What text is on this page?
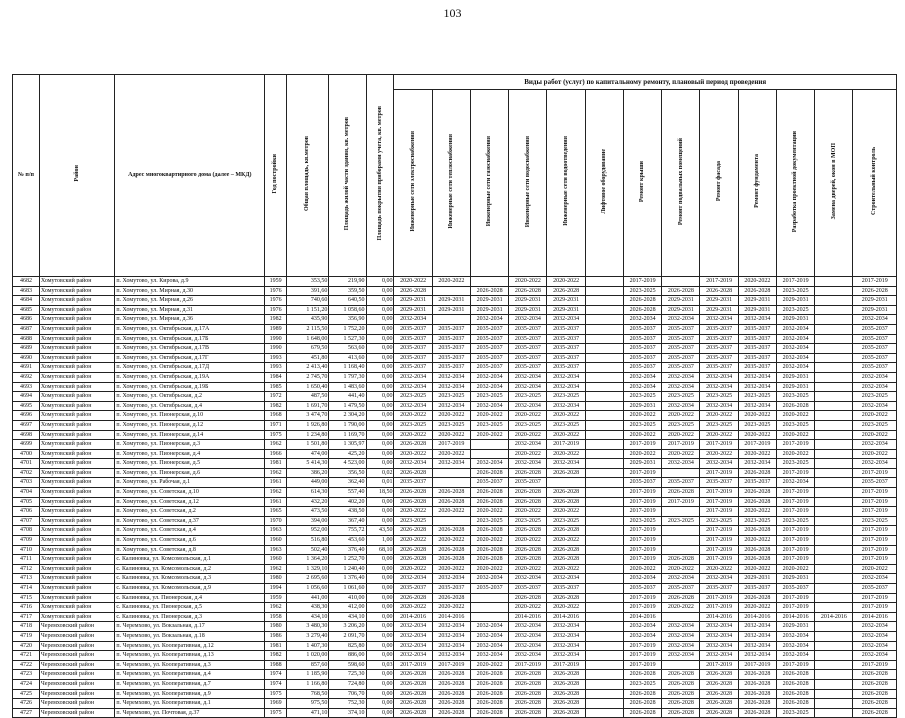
103
№ п/п	Район	Адрес многоквартирного дома (далее – МКД)	Год постройки	Общая площадь, кв.метров	Площадь жилой части здания, кв. метров	Площадь покрытия приборами учета, кв. метров	Виды работ (услуг) по капитальному ремонту, плановый период проведения												
							Инженерные сети электроснабжения	Инженерные сети теплоснабжения	Инженерные сети газоснабжения	Инженерные сети водоснабжения	Инженерные сети водоотведения	Лифтовое оборудование	Ремонт крыши	Ремонт подвальных помещений	Ремонт фасада	Ремонт фундамента	Разработка проектной документации	Замена дверей, окон в МОП	Строительный контроль
4682	Хомутовский район	п. Хомутово, ул. Кирова, д.9	1959	353,50	219,90	0,00	2020-2022	2020-2022		2020-2022	2020-2022		2017-2019		2017-2019	2020-2022	2017-2019		2017-2019
4683	Хомутовский район	п. Хомутово, ул. Мирная, д.30	1976	391,60	359,50	0,00	2026-2028		2026-2028	2026-2028	2026-2028		2023-2025	2026-2028	2026-2028	2026-2028	2023-2025		2026-2028
4684	Хомутовский район	п. Хомутово, ул. Мирная, д.26	1976	740,60	640,50	0,00	2029-2031	2029-2031	2029-2031	2029-2031	2029-2031		2026-2028	2029-2031	2029-2031	2029-2031	2029-2031		2029-2031
4685	Хомутовский район	п. Хомутово, ул. Мирная, д.31	1976	1 151,20	1 058,60	0,00	2029-2031	2029-2031	2029-2031	2029-2031	2029-2031		2026-2028	2029-2031	2029-2031	2029-2031	2023-2025		2029-2031
4686	Хомутовский район	п. Хомутово, ул. Мирная, д.36	1982	435,90	356,90	0,00	2032-2034		2032-2034	2032-2034	2032-2034		2032-2034	2032-2034	2032-2034	2032-2034	2029-2031		2032-2034
4687	Хомутовский район	п. Хомутово, ул. Октябрьская, д.17А	1989	2 115,50	1 752,20	0,00	2035-2037	2035-2037	2035-2037	2035-2037	2035-2037		2035-2037	2035-2037	2035-2037	2035-2037	2032-2034		2035-2037
4688	Хомутовский район	п. Хомутово, ул. Октябрьская, д.17Б	1990	1 648,00	1 527,30	0,00	2035-2037	2035-2037	2035-2037	2035-2037	2035-2037		2035-2037	2035-2037	2035-2037	2035-2037	2032-2034		2035-2037
4689	Хомутовский район	п. Хомутово, ул. Октябрьская, д.17В	1990	679,50	563,60	0,00	2035-2037	2035-2037	2035-2037	2035-2037	2035-2037		2035-2037	2035-2037	2035-2037	2035-2037	2032-2034		2035-2037
4690	Хомутовский район	п. Хомутово, ул. Октябрьская, д.17Г	1993	451,80	413,60	0,00	2035-2037	2035-2037	2035-2037	2035-2037	2035-2037		2035-2037	2035-2037	2035-2037	2035-2037	2032-2034		2035-2037
4691	Хомутовский район	п. Хомутово, ул. Октябрьская, д.17Д	1993	2 413,40	1 168,40	0,00	2035-2037	2035-2037	2035-2037	2035-2037	2035-2037		2035-2037	2035-2037	2035-2037	2035-2037	2032-2034		2035-2037
4692	Хомутовский район	п. Хомутово, ул. Октябрьская, д.19А	1984	2 745,70	1 797,30	0,00	2032-2034	2032-2034	2032-2034	2032-2034	2032-2034		2032-2034	2032-2034	2032-2034	2032-2034	2029-2031		2032-2034
4693	Хомутовский район	п. Хомутово, ул. Октябрьская, д.19Б	1985	1 650,40	1 483,60	0,00	2032-2034	2032-2034	2032-2034	2032-2034	2032-2034		2032-2034	2032-2034	2032-2034	2032-2034	2029-2031		2032-2034
4694	Хомутовский район	п. Хомутово, ул. Октябрьская, д.2	1972	487,50	441,40	0,00	2023-2025	2023-2025	2023-2025	2023-2025	2023-2025		2023-2025	2023-2025	2023-2025	2023-2025	2023-2025		2023-2025
4695	Хомутовский район	п. Хомутово, ул. Октябрьская, д.4	1982	1 691,70	1 479,50	0,00	2032-2034	2032-2034	2032-2034	2032-2034	2032-2034		2029-2031	2032-2034	2032-2034	2032-2034	2026-2028		2032-2034
4696	Хомутовский район	п. Хомутово, ул. Пионерская, д.10	1968	3 474,70	2 304,20	0,00	2020-2022	2020-2022	2020-2022	2020-2022	2020-2022		2020-2022	2020-2022	2020-2022	2020-2022	2020-2022		2020-2022
4697	Хомутовский район	п. Хомутово, ул. Пионерская, д.12	1971	1 926,80	1 790,00	0,00	2023-2025	2023-2025	2023-2025	2023-2025	2023-2025		2023-2025	2023-2025	2023-2025	2023-2025	2023-2025		2023-2025
4698	Хомутовский район	п. Хомутово, ул. Пионерская, д.14	1975	1 234,80	1 169,70	0,00	2020-2022	2020-2022	2020-2022	2020-2022	2020-2022		2020-2022	2020-2022	2020-2022	2020-2022	2020-2022		2020-2022
4699	Хомутовский район	п. Хомутово, ул. Пионерская, д.3	1962	1 501,80	1 305,97	0,00	2026-2028	2017-2019		2032-2034	2017-2019		2017-2019	2017-2019	2017-2019	2017-2019	2017-2019		2032-2034
4700	Хомутовский район	п. Хомутово, ул. Пионерская, д.4	1966	474,00	425,20	0,00	2020-2022	2020-2022		2020-2022	2020-2022		2020-2022	2020-2022	2020-2022	2020-2022	2020-2022		2020-2022
4701	Хомутовский район	п. Хомутово, ул. Пионерская, д.5	1981	5 414,30	4 523,00	0,00	2032-2034	2032-2034	2032-2034	2032-2034	2032-2034		2029-2031	2032-2034	2032-2034	2032-2034	2023-2025		2032-2034
4702	Хомутовский район	п. Хомутово, ул. Пионерская, д.6	1962	386,20	356,50	0,02	2026-2028		2026-2028	2026-2028	2026-2028		2017-2019		2017-2019	2026-2028	2017-2019		2017-2019
4703	Хомутовский район	п. Хомутово, ул. Рабочая, д.1	1961	449,00	362,40	0,01	2035-2037		2035-2037	2035-2037			2035-2037	2035-2037	2035-2037	2035-2037	2032-2034		2035-2037
4704	Хомутовский район	п. Хомутово, ул. Советская, д.10	1962	614,30	557,40	18,50	2026-2028	2026-2028	2026-2028	2026-2028	2026-2028		2017-2019	2026-2028	2017-2019	2026-2028	2017-2019		2017-2019
4705	Хомутовский район	п. Хомутово, ул. Советская, д.12	1961	432,20	402,20	0,00	2026-2028	2026-2028	2026-2028	2026-2028	2026-2028		2017-2019	2017-2019	2017-2019	2026-2028	2017-2019		2017-2019
4706	Хомутовский район	п. Хомутово, ул. Советская, д.2	1965	473,50	438,50	0,00	2020-2022	2020-2022	2020-2022	2020-2022	2020-2022		2017-2019		2017-2019	2020-2022	2017-2019		2017-2019
4707	Хомутовский район	п. Хомутово, ул. Советская, д.37	1970	394,00	367,40	0,00	2023-2025		2023-2025	2023-2025	2023-2025		2023-2025	2023-2025	2023-2025	2023-2025	2023-2025		2023-2025
4708	Хомутовский район	п. Хомутово, ул. Советская, д.4	1963	952,00	755,72	43,50	2026-2028	2026-2028	2026-2028	2026-2028	2026-2028		2017-2019		2017-2019	2026-2028	2017-2019		2017-2019
4709	Хомутовский район	п. Хомутово, ул. Советская, д.6	1960	516,80	453,60	1,00	2020-2022	2020-2022	2020-2022	2020-2022	2020-2022		2017-2019		2017-2019	2020-2022	2017-2019		2017-2019
4710	Хомутовский район	п. Хомутово, ул. Советская, д.8	1963	502,40	376,40	68,10	2026-2028	2026-2028	2026-2028	2026-2028	2026-2028		2017-2019		2017-2019	2026-2028	2017-2019		2017-2019
4711	Хомутовский район	с. Калиновка, ул. Комсомольская, д.1	1960	1 364,20	1 252,70	0,00	2026-2028	2026-2028	2026-2028	2026-2028	2026-2028		2017-2019	2026-2028	2017-2019	2026-2028	2017-2019		2017-2019
4712	Хомутовский район	с. Калиновка, ул. Комсомольская, д.2	1962	1 329,10	1 240,40	0,00	2020-2022	2020-2022	2020-2022	2020-2022	2020-2022		2020-2022	2020-2022	2020-2022	2020-2022	2020-2022		2020-2022
4713	Хомутовский район	с. Калиновка, ул. Комсомольская, д.3	1980	2 695,60	1 376,40	0,00	2032-2034	2032-2034	2032-2034	2032-2034	2032-2034		2032-2034	2032-2034	2032-2034	2029-2031	2029-2031		2032-2034
4714	Хомутовский район	с. Калиновка, ул. Комсомольская, д.9	1994	1 056,60	1 061,60	0,00	2035-2037	2035-2037	2035-2037	2035-2037	2035-2037		2035-2037	2035-2037	2035-2037	2035-2037	2035-2037		2035-2037
4715	Хомутовский район	с. Калиновка, ул. Пионерская, д.4	1959	441,00	410,00	0,00	2026-2028	2026-2028		2026-2028	2026-2028		2017-2019	2026-2028	2017-2019	2026-2028	2017-2019		2017-2019
4716	Хомутовский район	с. Калиновка, ул. Пионерская, д.5	1962	438,30	412,00	0,00	2020-2022	2020-2022		2020-2022	2020-2022		2017-2019	2020-2022	2017-2019	2020-2022	2017-2019		2017-2019
4717	Хомутовский район	с. Калиновка, ул. Пионерская, д.3	1958	434,10	434,10	0,00	2014-2016	2014-2016		2014-2016	2014-2016		2014-2016		2014-2016	2014-2016	2014-2016	2014-2016	2014-2016
4718	Черемховский район	п. Черемхово, ул. Вокзальная, д.17	1980	3 480,30	3 206,20	0,00	2032-2034	2032-2034	2032-2034	2032-2034	2032-2034		2032-2034	2032-2034	2032-2034	2032-2034	2029-2031		2032-2034
4719	Черемховский район	п. Черемхово, ул. Вокзальная, д.18	1986	3 279,40	2 091,70	0,00	2032-2034	2032-2034	2032-2034	2032-2034	2032-2034		2032-2034	2032-2034	2032-2034	2032-2034	2032-2034		2032-2034
4720	Черемховский район	п. Черемхово, ул. Кооперативная, д.12	1981	1 407,30	825,80	0,00	2032-2034	2032-2034	2032-2034	2032-2034	2032-2034		2017-2019	2032-2034	2032-2034	2032-2034	2032-2034		2032-2034
4721	Черемховский район	п. Черемхово, ул. Кооперативная, д.13	1982	1 020,00	886,00	0,00	2032-2034	2032-2034	2032-2034	2032-2034	2032-2034		2017-2019	2032-2034	2032-2034	2032-2034	2032-2034		2032-2034
4722	Черемховский район	п. Черемхово, ул. Кооперативная, д.3	1988	857,60	598,60	0,03	2017-2019	2017-2019	2020-2022	2017-2019	2017-2019		2017-2019		2017-2019	2017-2019	2017-2019		2017-2019
4723	Черемховский район	п. Черемхово, ул. Кооперативная, д.4	1974	1 185,90	725,30	0,00	2026-2028	2026-2028	2026-2028	2026-2028	2026-2028		2026-2028	2026-2028	2026-2028	2026-2028	2026-2028		2026-2028
4724	Черемховский район	п. Черемхово, ул. Кооперативная, д.7	1974	1 166,80	724,80	0,00	2026-2028	2026-2028	2026-2028	2026-2028	2026-2028		2023-2025	2026-2028	2026-2028	2026-2028	2026-2028		2026-2028
4725	Черемховский район	п. Черемхово, ул. Кооперативная, д.9	1975	768,50	706,70	0,00	2026-2028	2026-2028	2026-2028	2026-2028	2026-2028		2026-2028	2026-2028	2026-2028	2026-2028	2026-2028		2026-2028
4726	Черемховский район	п. Черемхово, ул. Кооперативная, д.1	1969	975,50	752,30	0,00	2026-2028	2026-2028	2026-2028	2026-2028	2026-2028		2026-2028	2026-2028	2026-2028	2026-2028	2026-2028		2026-2028
4727	Черемховский район	п. Черемхово, ул. Почтовая, д.37	1975	471,10	374,10	0,00	2026-2028	2026-2028	2026-2028	2026-2028	2026-2028		2026-2028	2026-2028	2026-2028	2026-2028	2023-2025		2026-2028
